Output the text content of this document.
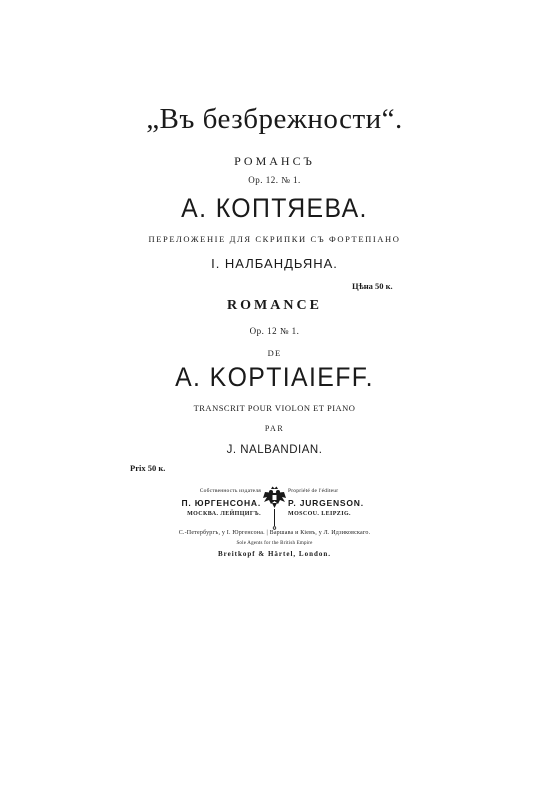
„Въ безбрежности“.
РОМАНСЪ
Ор. 12. № 1.
А. КОПТЯЕВА.
ПЕРЕЛОЖЕНІЕ ДЛЯ СКРИПКИ СЪ ФОРТЕПІАНО
I. НАЛБАНДЬЯНА.
Цѣна 50 к.
ROMANCE
Op. 12 № 1.
DE
A. KOPTIAIEFF.
TRANSCRIT POUR VIOLON ET PIANO
PAR
J. NALBANDIAN.
Prix 50 к.
Собственность издателя
П. ЮРГЕНСОНА.
МОСКВА. ЛЕЙПЦИГЪ.
Propriété de l'éditeur
P. JURGENSON.
MOSCOU. LEIPZIG.
С.-Петербургъ, у I. Юргенсона. | Варшава и Кіевъ, у Л. Идзиковскаго.
Sole Agents for the British Empire
Breitkopf & Härtel, London.
